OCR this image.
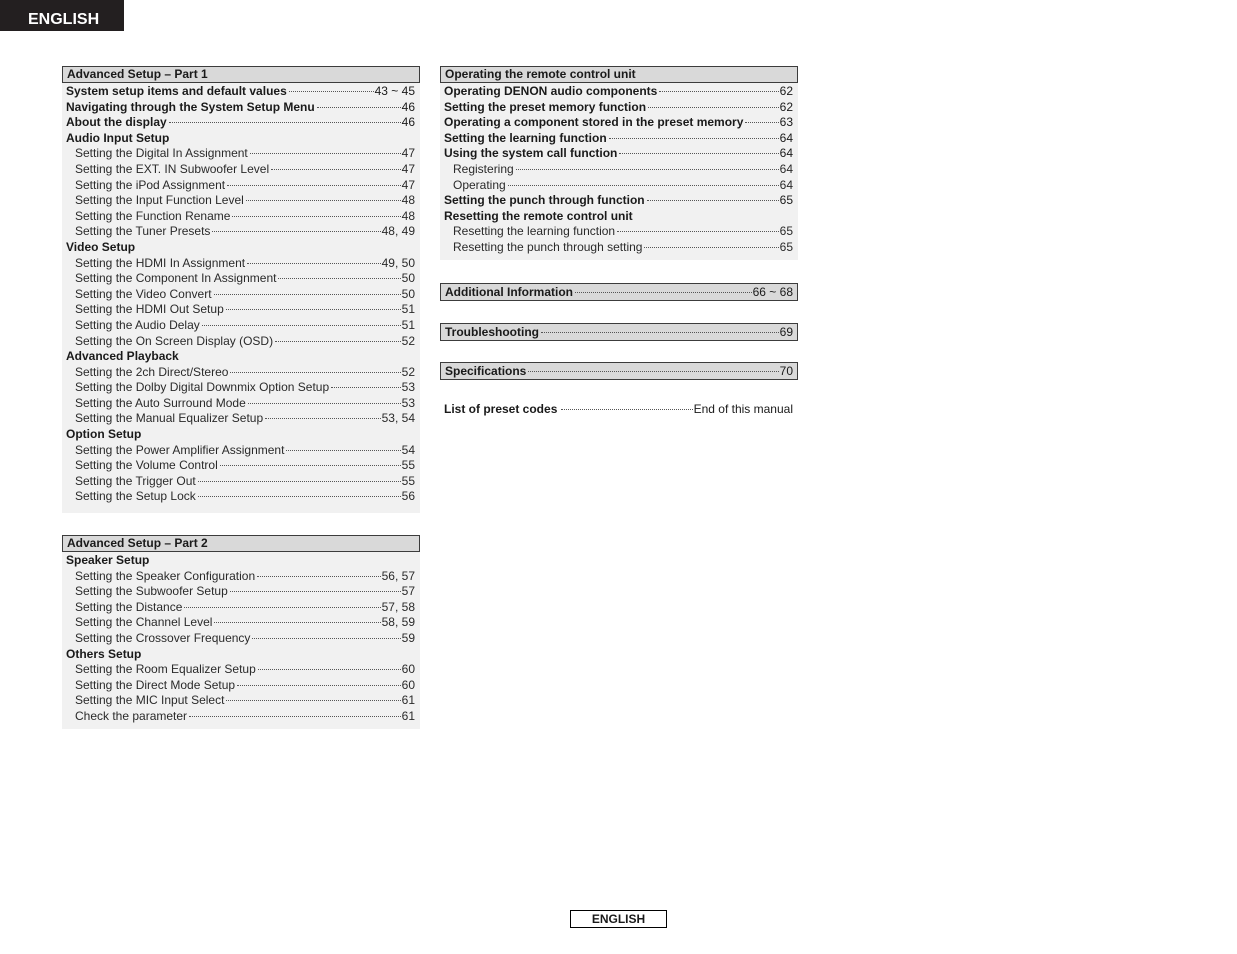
ENGLISH
Advanced Setup – Part 1
System setup items and default values	43 ~ 45
Navigating through the System Setup Menu	46
About the display	46
Audio Input Setup
Setting the Digital In Assignment	47
Setting the EXT. IN Subwoofer Level	47
Setting the iPod Assignment	47
Setting the Input Function Level	48
Setting the Function Rename	48
Setting the Tuner Presets	48, 49
Video Setup
Setting the HDMI In Assignment	49, 50
Setting the Component In Assignment	50
Setting the Video Convert	50
Setting the HDMI Out Setup	51
Setting the Audio Delay	51
Setting the On Screen Display (OSD)	52
Advanced Playback
Setting the 2ch Direct/Stereo	52
Setting the Dolby Digital Downmix Option Setup	53
Setting the Auto Surround Mode	53
Setting the Manual Equalizer Setup	53, 54
Option Setup
Setting the Power Amplifier Assignment	54
Setting the Volume Control	55
Setting the Trigger Out	55
Setting the Setup Lock	56
Advanced Setup – Part 2
Speaker Setup
Setting the Speaker Configuration	56, 57
Setting the Subwoofer Setup	57
Setting the Distance	57, 58
Setting the Channel Level	58, 59
Setting the Crossover Frequency	59
Others Setup
Setting the Room Equalizer Setup	60
Setting the Direct Mode Setup	60
Setting the MIC Input Select	61
Check the parameter	61
Operating the remote control unit
Operating DENON audio components	62
Setting the preset memory function	62
Operating a component stored in the preset memory	63
Setting the learning function	64
Using the system call function	64
Registering	64
Operating	64
Setting the punch through function	65
Resetting the remote control unit
Resetting the learning function	65
Resetting the punch through setting	65
Additional Information	66 ~ 68
Troubleshooting	69
Specifications	70
List of preset codes	End of this manual
ENGLISH
